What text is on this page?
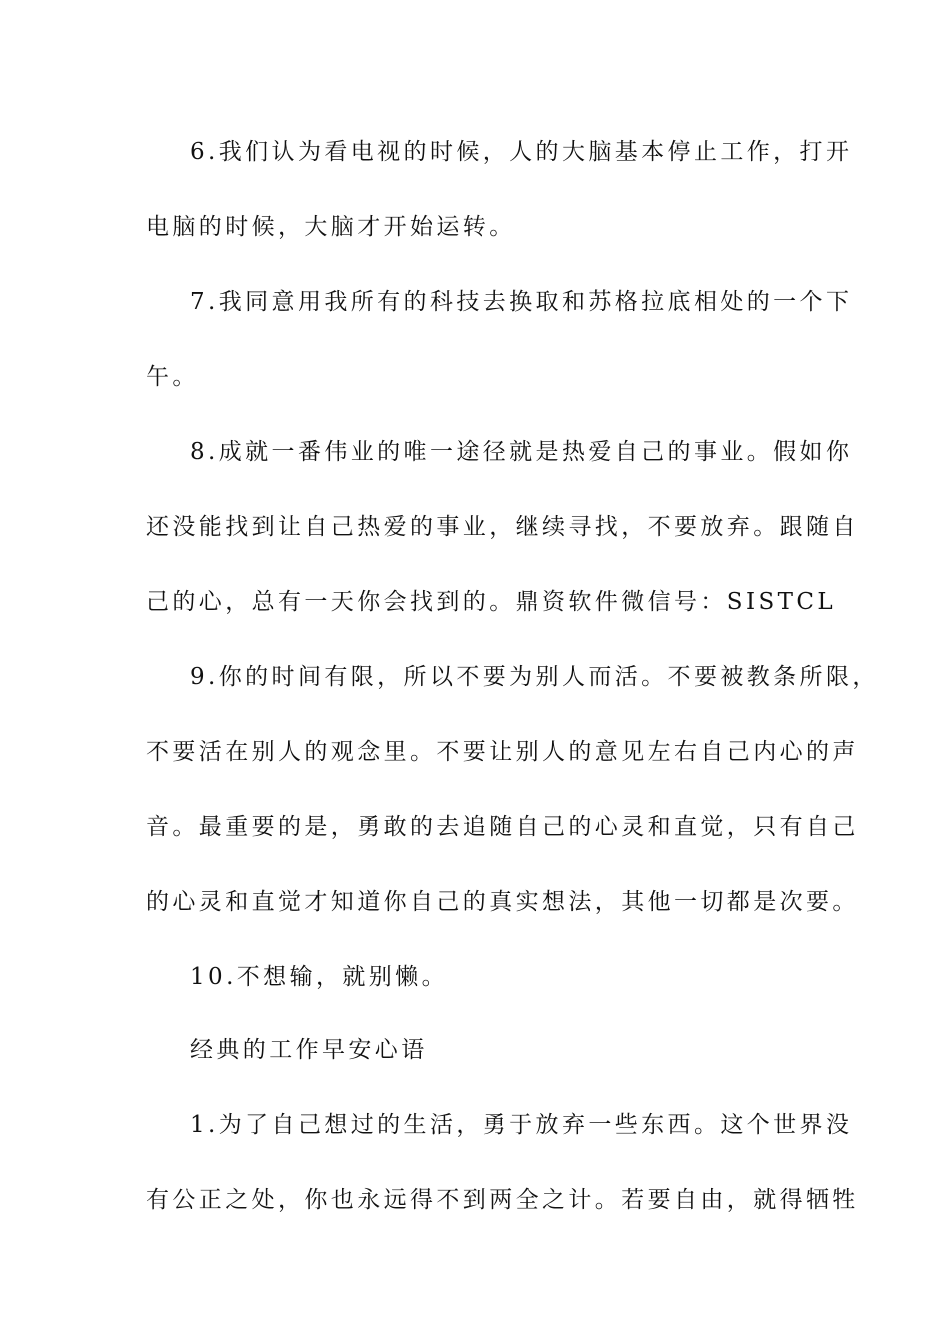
6.我们认为看电视的时候，人的大脑基本停止工作，打开
电脑的时候，大脑才开始运转。
7.我同意用我所有的科技去换取和苏格拉底相处的一个下
午。
8.成就一番伟业的唯一途径就是热爱自己的事业。假如你
还没能找到让自己热爱的事业，继续寻找，不要放弃。跟随自
己的心，总有一天你会找到的。鼎资软件微信号：SISTCL
9.你的时间有限，所以不要为别人而活。不要被教条所限，
不要活在别人的观念里。不要让别人的意见左右自己内心的声
音。最重要的是，勇敢的去追随自己的心灵和直觉，只有自己
的心灵和直觉才知道你自己的真实想法，其他一切都是次要。
10.不想输，就别懒。
经典的工作早安心语
1.为了自己想过的生活，勇于放弃一些东西。这个世界没
有公正之处，你也永远得不到两全之计。若要自由，就得牺牲
